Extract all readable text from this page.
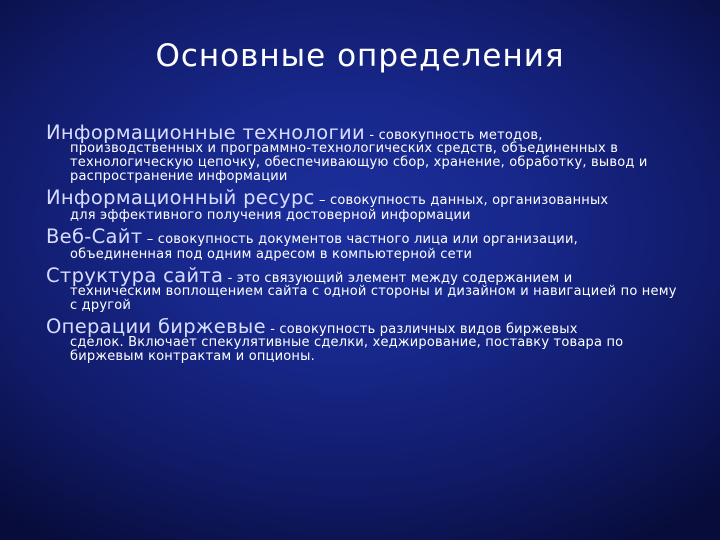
Основные определения
Информационные технологии - совокупность методов,
производственных и программно-технологических средств, объединенных в технологическую цепочку, обеспечивающую сбор, хранение, обработку, вывод и распространение информации
Информационный ресурс – совокупность данных, организованных
для эффективного получения достоверной информации
Веб-Сайт – совокупность документов частного лица или организации,
объединенная под одним адресом в компьютерной сети
Структура сайта - это связующий элемент между содержанием и
техническим воплощением сайта с одной стороны и дизайном и навигацией по нему с другой
Операции биржевые - совокупность различных видов биржевых
сделок. Включает спекулятивные сделки, хеджирование, поставку товара по биржевым контрактам и опционы.
